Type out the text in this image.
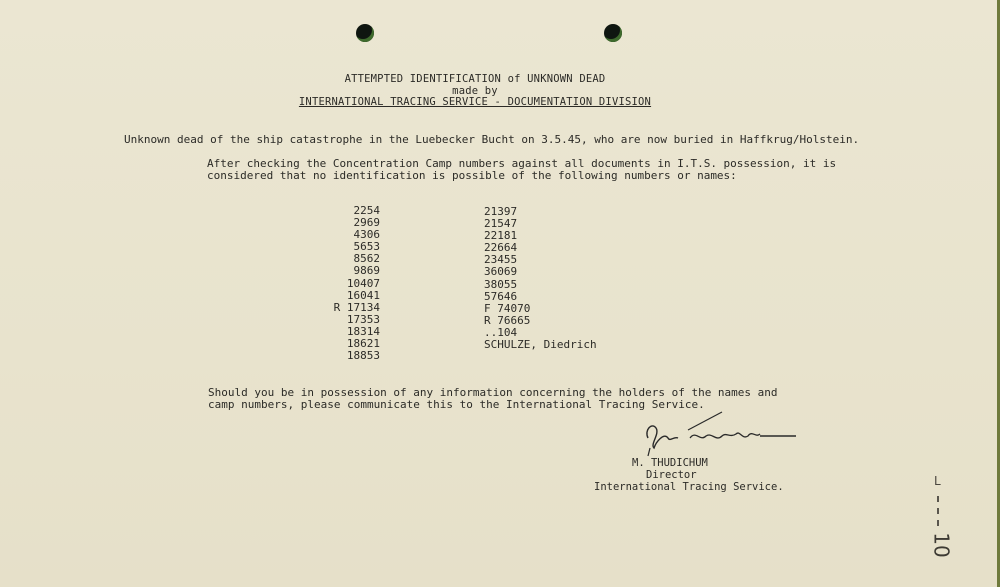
ATTEMPTED IDENTIFICATION of UNKNOWN DEAD
made by
INTERNATIONAL TRACING SERVICE - DOCUMENTATION DIVISION
Unknown dead of the ship catastrophe in the Luebecker Bucht on 3.5.45, who are now buried in Haffkrug/Holstein.
After checking the Concentration Camp numbers against all documents in I.T.S. possession, it is
considered that no identification is possible of the following numbers or names:
2254
2969
4306
5653
8562
9869
10407
16041
R 17134
17353
18314
18621
18853
21397
21547
22181
22664
23455
36069
38055
57646
F 74070
R 76665
..104
SCHULZE, Diedrich
Should you be in possession of any information concerning the holders of the names and
camp numbers, please communicate this to the International Tracing Service.
M. THUDICHUM
Director
International Tracing Service.	L
10
